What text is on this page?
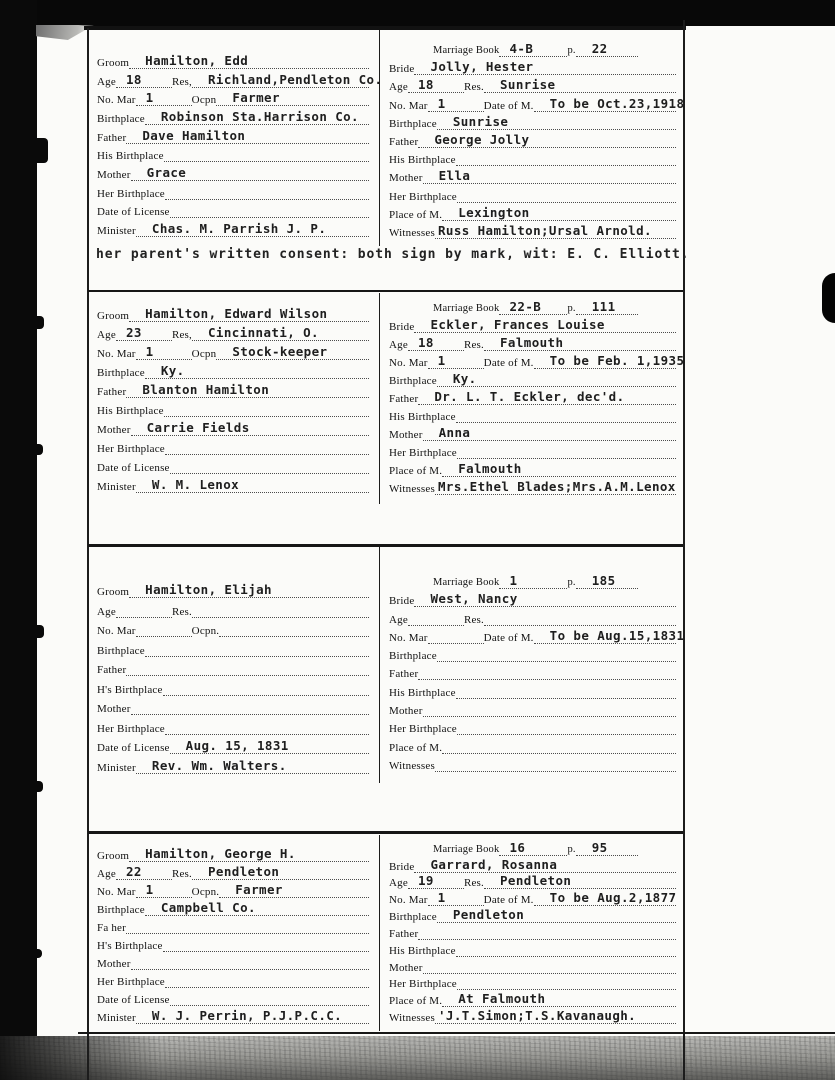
Groom Hamilton, Edd
Age 18	Res, Richland,Pendleton Co.
No. Mar 1	Ocpn Farmer
Birthplace Robinson Sta.Harrison Co.
Father Dave Hamilton
His Birthplace
Mother Grace
Her Birthplace
Date of License
Minister Chas. M. Parrish J. P.
Marriage Book 4-B	p. 22
Bride Jolly, Hester
Age 18	Res. Sunrise
No. Mar 1	Date of M. To be Oct.23,1918
Birthplace Sunrise
Father George Jolly
His Birthplace
Mother Ella
Her Birthplace
Place of M. Lexington
Witnesses Russ Hamilton;Ursal Arnold.
her parent's written consent: both sign by mark, wit: E. C. Elliott.
Groom Hamilton, Edward Wilson
Age 23	Res, Cincinnati, O.
No. Mar 1	Ocpn Stock-keeper
Birthplace Ky.
Father Blanton Hamilton
His Birthplace
Mother Carrie Fields
Her Birthplace
Date of License
Minister W. M. Lenox
Marriage Book 22-B	p. 111
Bride Eckler, Frances Louise
Age 18	Res. Falmouth
No. Mar 1	Date of M. To be Feb. 1,1935
Birthplace Ky.
Father Dr. L. T. Eckler, dec'd.
His Birthplace
Mother Anna
Her Birthplace
Place of M. Falmouth
Witnesses Mrs.Ethel Blades;Mrs.A.M.Lenox
Groom Hamilton, Elijah
Age	Res.
No. Mar	Ocpn.
Birthplace
Father
H's Birthplace
Mother
Her Birthplace
Date of License Aug. 15, 1831
Minister Rev. Wm. Walters.
Marriage Book 1	p. 185
Bride West, Nancy
Age	Res.
No. Mar	Date of M. To be Aug.15,1831
Birthplace
Father
His Birthplace
Mother
Her Birthplace
Place of M.
Witnesses
Groom Hamilton, George H.
Age 22	Res. Pendleton
No. Mar 1	Ocpn. Farmer
Birthplace Campbell Co.
Fa her
H's Birthplace
Mother
Her Birthplace
Date of License
Minister W. J. Perrin, P.J.P.C.C.
Marriage Book 16	p. 95
Bride Garrard, Rosanna
Age 19	Res. Pendleton
No. Mar 1	Date of M. To be Aug.2,1877
Birthplace Pendleton
Father
His Birthplace
Mother
Her Birthplace
Place of M. At Falmouth
Witnesses 'J.T.Simon;T.S.Kavanaugh.
